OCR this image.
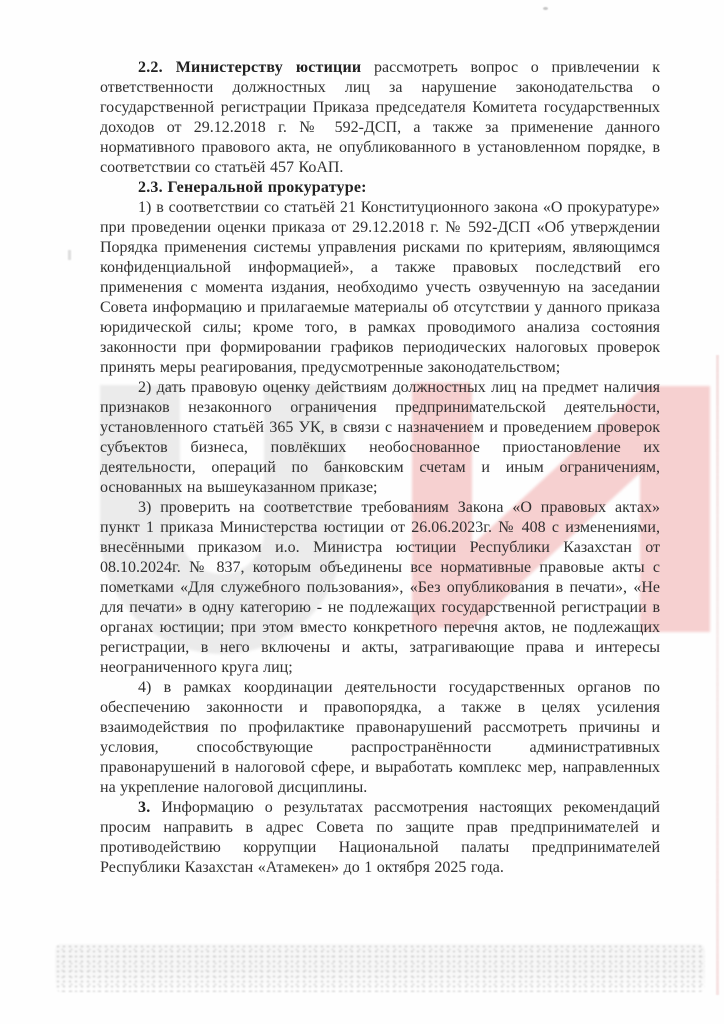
2.2. Министерству юстиции рассмотреть вопрос о привлечении к ответственности должностных лиц за нарушение законодательства о государственной регистрации Приказа председателя Комитета государственных доходов от 29.12.2018 г. № 592-ДСП, а также за применение данного нормативного правового акта, не опубликованного в установленном порядке, в соответствии со статьёй 457 КоАП.

2.3. Генеральной прокуратуре:

1) в соответствии со статьёй 21 Конституционного закона «О прокуратуре» при проведении оценки приказа от 29.12.2018 г. № 592-ДСП «Об утверждении Порядка применения системы управления рисками по критериям, являющимся конфиденциальной информацией», а также правовых последствий его применения с момента издания, необходимо учесть озвученную на заседании Совета информацию и прилагаемые материалы об отсутствии у данного приказа юридической силы; кроме того, в рамках проводимого анализа состояния законности при формировании графиков периодических налоговых проверок принять меры реагирования, предусмотренные законодательством;

2) дать правовую оценку действиям должностных лиц на предмет наличия признаков незаконного ограничения предпринимательской деятельности, установленного статьёй 365 УК, в связи с назначением и проведением проверок субъектов бизнеса, повлёкших необоснованное приостановление их деятельности, операций по банковским счетам и иным ограничениям, основанных на вышеуказанном приказе;

3) проверить на соответствие требованиям Закона «О правовых актах» пункт 1 приказа Министерства юстиции от 26.06.2023г. № 408 с изменениями, внесёнными приказом и.о. Министра юстиции Республики Казахстан от 08.10.2024г. № 837, которым объединены все нормативные правовые акты с пометками «Для служебного пользования», «Без опубликования в печати», «Не для печати» в одну категорию - не подлежащих государственной регистрации в органах юстиции; при этом вместо конкретного перечня актов, не подлежащих регистрации, в него включены и акты, затрагивающие права и интересы неограниченного круга лиц;

4) в рамках координации деятельности государственных органов по обеспечению законности и правопорядка, а также в целях усиления взаимодействия по профилактике правонарушений рассмотреть причины и условия, способствующие распространённости административных правонарушений в налоговой сфере, и выработать комплекс мер, направленных на укрепление налоговой дисциплины.

3. Информацию о результатах рассмотрения настоящих рекомендаций просим направить в адрес Совета по защите прав предпринимателей и противодействию коррупции Национальной палаты предпринимателей Республики Казахстан «Атамекен» до 1 октября 2025 года.
